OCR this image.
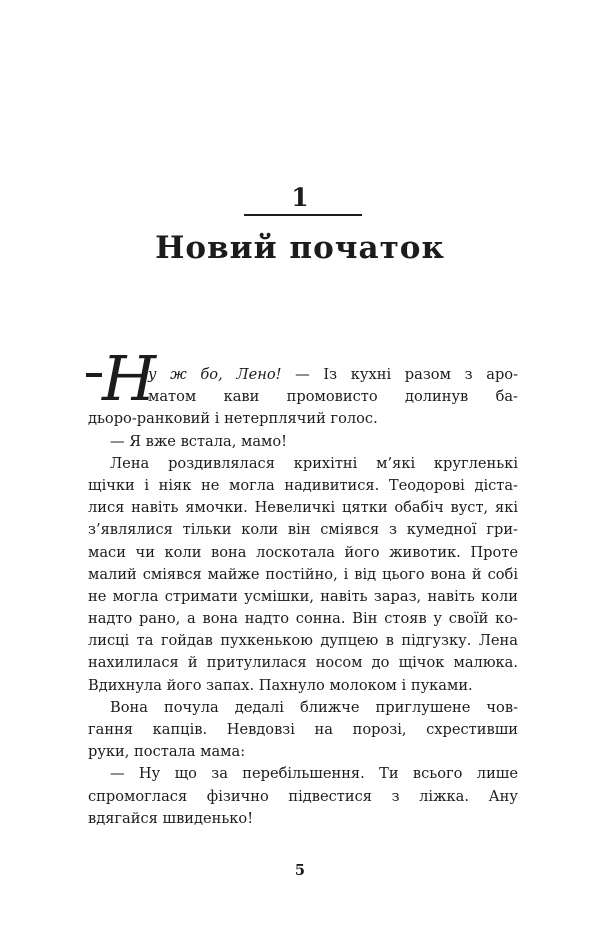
1
Новий початок
Н
у ж бо, Лено! — Із кухні разом з аро-
матом кави промовисто долинув ба-
дьоро-ранковий і нетерплячий голос.
— Я вже встала, мамо!
Лена роздивлялася крихітні м’які кругленькі
щічки і ніяк не могла надивитися. Теодорові діста-
лися навіть ямочки. Невеличкі цятки обабіч вуст, які
з’являлися тільки коли він сміявся з кумедної гри-
маси чи коли вона лоскотала його животик. Проте
малий сміявся майже постійно, і від цього вона й собі
не могла стримати усмішки, навіть зараз, навіть коли
надто рано, а вона надто сонна. Він стояв у своїй ко-
лисці та гойдав пухкенькою дупцею в підгузку. Лена
нахилилася й притулилася носом до щічок малюка.
Вдихнула його запах. Пахнуло молоком і пуками.
Вона почула дедалі ближче приглушене чов-
гання капців. Невдовзі на порозі, схрестивши
руки, постала мама:
— Ну що за перебільшення. Ти всього лише
спромоглася фізично підвестися з ліжка. Ану
вдягайся швиденько!
5
